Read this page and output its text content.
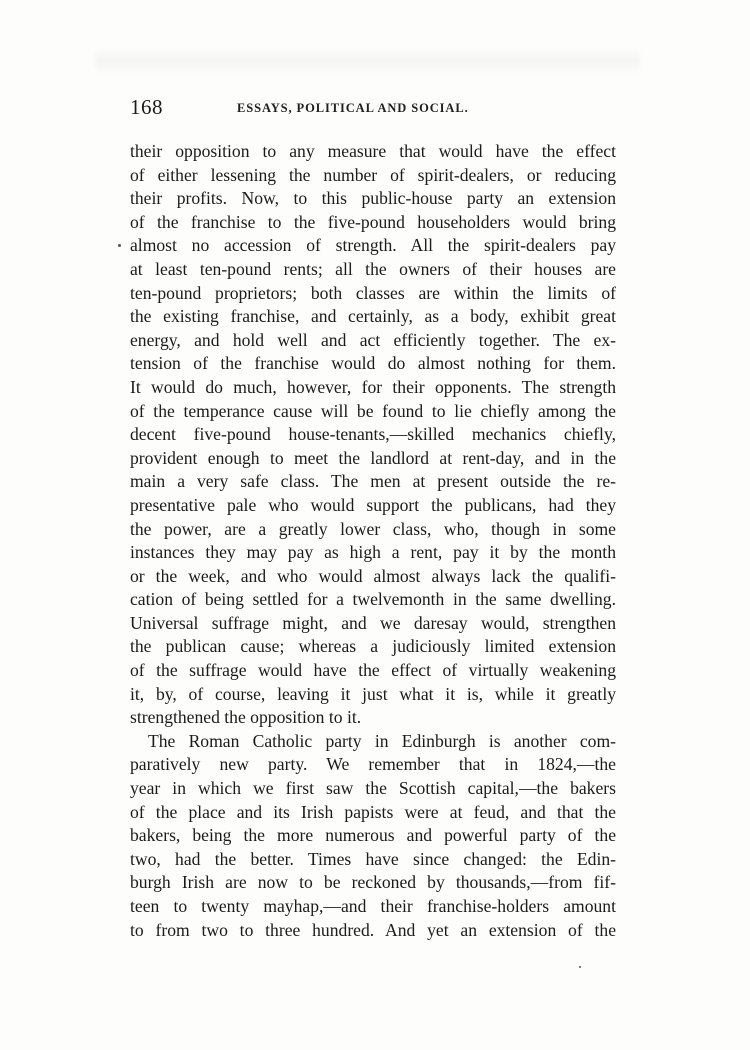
168	ESSAYS, POLITICAL AND SOCIAL.
their opposition to any measure that would have the effect
of either lessening the number of spirit-dealers, or reducing
their profits. Now, to this public-house party an extension
of the franchise to the five-pound householders would bring
almost no accession of strength. All the spirit-dealers pay
at least ten-pound rents; all the owners of their houses are
ten-pound proprietors; both classes are within the limits of
the existing franchise, and certainly, as a body, exhibit great
energy, and hold well and act efficiently together. The ex-
tension of the franchise would do almost nothing for them.
It would do much, however, for their opponents. The strength
of the temperance cause will be found to lie chiefly among the
decent five-pound house-tenants,—skilled mechanics chiefly,
provident enough to meet the landlord at rent-day, and in the
main a very safe class. The men at present outside the re-
presentative pale who would support the publicans, had they
the power, are a greatly lower class, who, though in some
instances they may pay as high a rent, pay it by the month
or the week, and who would almost always lack the qualifi-
cation of being settled for a twelvemonth in the same dwelling.
Universal suffrage might, and we daresay would, strengthen
the publican cause; whereas a judiciously limited extension
of the suffrage would have the effect of virtually weakening
it, by, of course, leaving it just what it is, while it greatly
strengthened the opposition to it.
The Roman Catholic party in Edinburgh is another com-
paratively new party. We remember that in 1824,—the
year in which we first saw the Scottish capital,—the bakers
of the place and its Irish papists were at feud, and that the
bakers, being the more numerous and powerful party of the
two, had the better. Times have since changed: the Edin-
burgh Irish are now to be reckoned by thousands,—from fif-
teen to twenty mayhap,—and their franchise-holders amount
to from two to three hundred. And yet an extension of the
